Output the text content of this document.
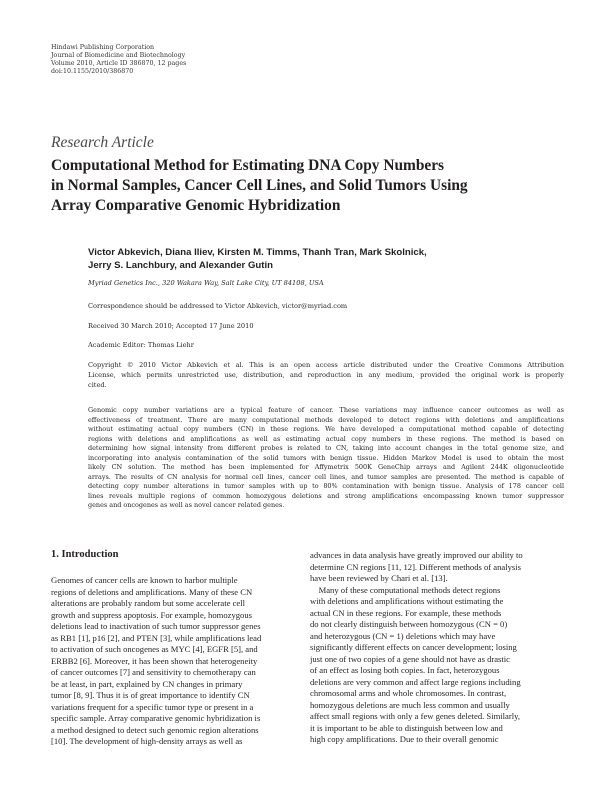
Hindawi Publishing Corporation
Journal of Biomedicine and Biotechnology
Volume 2010, Article ID 386870, 12 pages
doi:10.1155/2010/386870
Research Article
Computational Method for Estimating DNA Copy Numbers
in Normal Samples, Cancer Cell Lines, and Solid Tumors Using
Array Comparative Genomic Hybridization
Victor Abkevich, Diana Iliev, Kirsten M. Timms, Thanh Tran, Mark Skolnick,
Jerry S. Lanchbury, and Alexander Gutin
Myriad Genetics Inc., 320 Wakara Way, Salt Lake City, UT 84108, USA
Correspondence should be addressed to Victor Abkevich, victor@myriad.com
Received 30 March 2010; Accepted 17 June 2010
Academic Editor: Thomas Liehr
Copyright © 2010 Victor Abkevich et al. This is an open access article distributed under the Creative Commons Attribution
License, which permits unrestricted use, distribution, and reproduction in any medium, provided the original work is properly
cited.
Genomic copy number variations are a typical feature of cancer. These variations may influence cancer outcomes as well as
effectiveness of treatment. There are many computational methods developed to detect regions with deletions and amplifications
without estimating actual copy numbers (CN) in these regions. We have developed a computational method capable of detecting
regions with deletions and amplifications as well as estimating actual copy numbers in these regions. The method is based on
determining how signal intensity from different probes is related to CN, taking into account changes in the total genome size, and
incorporating into analysis contamination of the solid tumors with benign tissue. Hidden Markov Model is used to obtain the most
likely CN solution. The method has been implemented for Affymetrix 500K GeneChip arrays and Agilent 244K oligonucleotide
arrays. The results of CN analysis for normal cell lines, cancer cell lines, and tumor samples are presented. The method is capable of
detecting copy number alterations in tumor samples with up to 80% contamination with benign tissue. Analysis of 178 cancer cell
lines reveals multiple regions of common homozygous deletions and strong amplifications encompassing known tumor suppressor
genes and oncogenes as well as novel cancer related genes.
1. Introduction
Genomes of cancer cells are known to harbor multiple
regions of deletions and amplifications. Many of these CN
alterations are probably random but some accelerate cell
growth and suppress apoptosis. For example, homozygous
deletions lead to inactivation of such tumor suppressor genes
as RB1 [1], p16 [2], and PTEN [3], while amplifications lead
to activation of such oncogenes as MYC [4], EGFR [5], and
ERBB2 [6]. Moreover, it has been shown that heterogeneity
of cancer outcomes [7] and sensitivity to chemotherapy can
be at least, in part, explained by CN changes in primary
tumor [8, 9]. Thus it is of great importance to identify CN
variations frequent for a specific tumor type or present in a
specific sample. Array comparative genomic hybridization is
a method designed to detect such genomic region alterations
[10]. The development of high-density arrays as well as
advances in data analysis have greatly improved our ability to
determine CN regions [11, 12]. Different methods of analysis
have been reviewed by Chari et al. [13].
Many of these computational methods detect regions
with deletions and amplifications without estimating the
actual CN in these regions. For example, these methods
do not clearly distinguish between homozygous (CN = 0)
and heterozygous (CN = 1) deletions which may have
significantly different effects on cancer development; losing
just one of two copies of a gene should not have as drastic
of an effect as losing both copies. In fact, heterozygous
deletions are very common and affect large regions including
chromosomal arms and whole chromosomes. In contrast,
homozygous deletions are much less common and usually
affect small regions with only a few genes deleted. Similarly,
it is important to be able to distinguish between low and
high copy amplifications. Due to their overall genomic
